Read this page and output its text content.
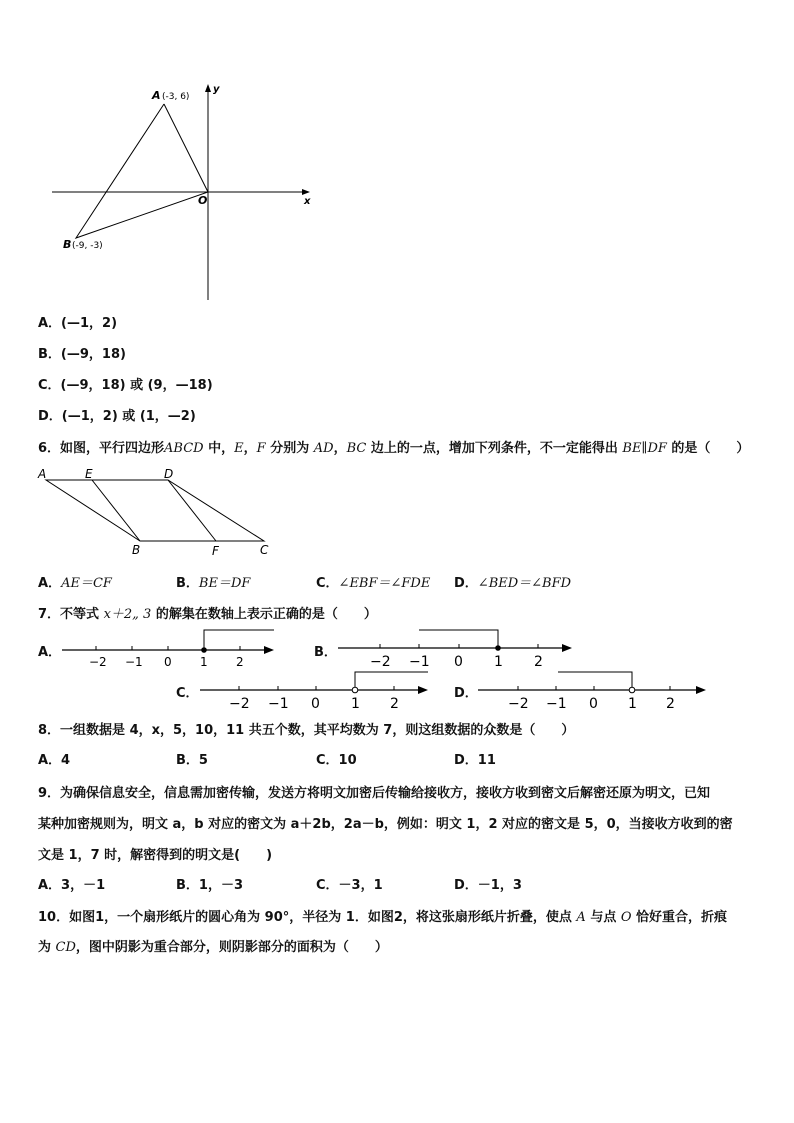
A (-3, 6)
B (-9, -3)
O	x
y
A．(—1，2)
B．(—9，18)
C．(—9，18) 或 (9，—18)
D．(—1，2) 或 (1，—2)
6．如图，平行四边形ABCD 中，E，F 分别为 AD，BC 边上的一点，增加下列条件，不一定能得出 BE∥DF 的是（　　）
A	E	D
B	F	C
A．AE＝CF	B．BE＝DF	C．∠EBF＝∠FDE D．∠BED＝∠BFD
7．不等式 x＋2„ 3 的解集在数轴上表示正确的是（　　）
A．
−2 −1 0 1 2
B．
−2 −1 0 1 2
C．
−2 −1 0 1 2
D．
−2 −1 0 1 2
8．一组数据是 4，x，5，10，11 共五个数，其平均数为 7，则这组数据的众数是（　　）
A．4	B．5	C．10	D．11
9．为确保信息安全，信息需加密传输，发送方将明文加密后传输给接收方，接收方收到密文后解密还原为明文，已知
某种加密规则为，明文 a，b 对应的密文为 a＋2b，2a－b，例如：明文 1，2 对应的密文是 5，0，当接收方收到的密
文是 1，7 时，解密得到的明文是(　　)
A．3，－1	B．1，－3	C．－3，1	D．－1，3
10．如图1，一个扇形纸片的圆心角为 90°，半径为 1．如图2，将这张扇形纸片折叠，使点 A 与点 O 恰好重合，折痕
为 CD，图中阴影为重合部分，则阴影部分的面积为（　　）
